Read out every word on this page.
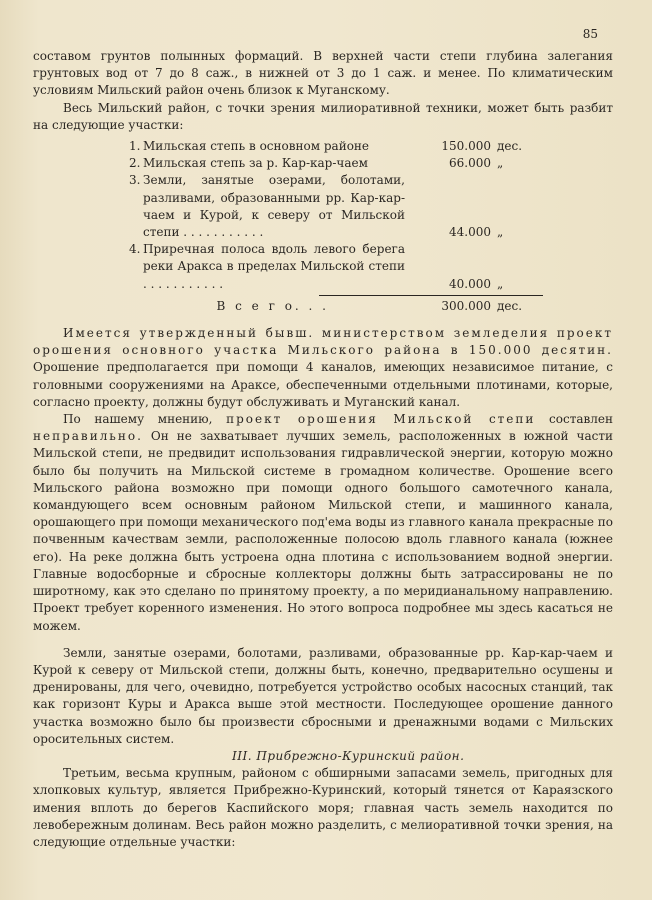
85

составом грунтов полынных формаций. В верхней части степи глубина залегания грунтовых вод от 7 до 8 саж., в нижней от 3 до 1 саж. и менее. По климатическим условиям Мильский район очень близок к Муганскому.

Весь Мильский район, с точки зрения милиоративной техники, может быть разбит на следующие участки:

1. Мильская степь в основном районе	150.000 дес.
2. Мильская степь за р. Кар-кар-чаем	66.000 „
3. Земли, занятые озерами, болотами, разливами, образованными рр. Кар-кар-чаем и Курой, к северу от Мильской степи . . . . . . . . . . .	44.000 „
4. Приречная полоса вдоль левого берега реки Аракса в пределах Мильской степи . . . . . . . . . . .	40.000 „
В с е г о. . .	300.000 дес.

Имеется утвержденный бывш. министерством земледелия проект орошения основного участка Мильского района в 150.000 десятин. Орошение предполагается при помощи 4 каналов, имеющих независимое питание, с головными сооружениями на Араксе, обеспеченными отдельными плотинами, которые, согласно проекту, должны будут обслуживать и Муганский канал.

По нашему мнению, проект орошения Мильской степи составлен неправильно. Он не захватывает лучших земель, расположенных в южной части Мильской степи, не предвидит использования гидравлической энергии, которую можно было бы получить на Мильской системе в громадном количестве. Орошение всего Мильского района возможно при помощи одного большого самотечного канала, командующего всем основным районом Мильской степи, и машинного канала, орошающего при помощи механического под'ема воды из главного канала прекрасные по почвенным качествам земли, расположенные полосою вдоль главного канала (южнее его). На реке должна быть устроена одна плотина с использованием водной энергии. Главные водосборные и сбросные коллекторы должны быть затрассированы не по широтному, как это сделано по принятому проекту, а по меридианальному направлению. Проект требует коренного изменения. Но этого вопроса подробнее мы здесь касаться не можем.

Земли, занятые озерами, болотами, разливами, образованные рр. Кар-кар-чаем и Курой к северу от Мильской степи, должны быть, конечно, предварительно осушены и дренированы, для чего, очевидно, потребуется устройство особых насосных станций, так как горизонт Куры и Аракса выше этой местности. Последующее орошение данного участка возможно было бы произвести сбросными и дренажными водами с Мильских оросительных систем.

III. Прибрежно-Куринский район.

Третьим, весьма крупным, районом с обширными запасами земель, пригодных для хлопковых культур, является Прибрежно-Куринский, который тянется от Караязского имения вплоть до берегов Каспийского моря; главная часть земель находится по левобережным долинам. Весь район можно разделить, с мелиоративной точки зрения, на следующие отдельные участки:
